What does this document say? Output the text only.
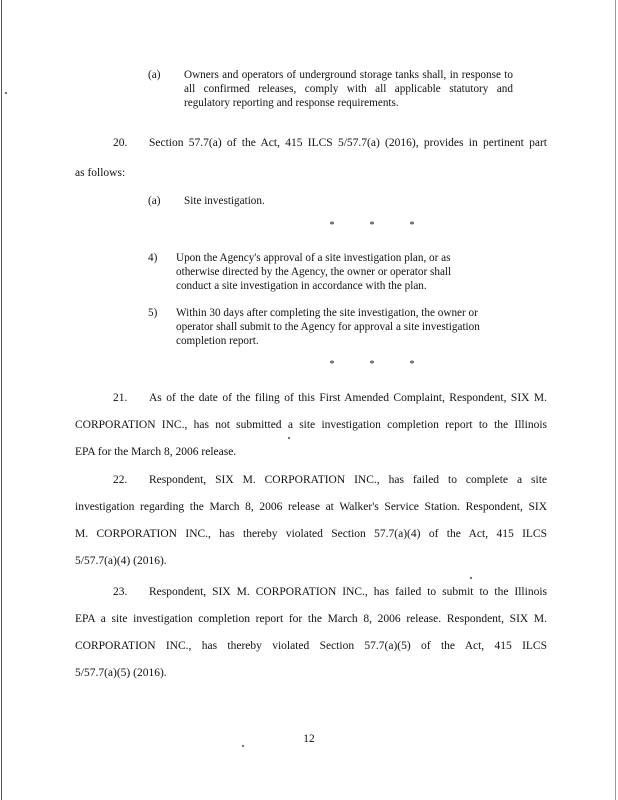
(a) Owners and operators of underground storage tanks shall, in response to all confirmed releases, comply with all applicable statutory and regulatory reporting and response requirements.
20. Section 57.7(a) of the Act, 415 ILCS 5/57.7(a) (2016), provides in pertinent part
as follows:
(a) Site investigation.
*	*	*
4) Upon the Agency's approval of a site investigation plan, or as otherwise directed by the Agency, the owner or operator shall conduct a site investigation in accordance with the plan.
5) Within 30 days after completing the site investigation, the owner or operator shall submit to the Agency for approval a site investigation completion report.
*	*	*
21. As of the date of the filing of this First Amended Complaint, Respondent, SIX M.
CORPORATION INC., has not submitted a site investigation completion report to the Illinois
EPA for the March 8, 2006 release.
22. Respondent, SIX M. CORPORATION INC., has failed to complete a site
investigation regarding the March 8, 2006 release at Walker's Service Station. Respondent, SIX
M. CORPORATION INC., has thereby violated Section 57.7(a)(4) of the Act, 415 ILCS
5/57.7(a)(4) (2016).
23. Respondent, SIX M. CORPORATION INC., has failed to submit to the Illinois
EPA a site investigation completion report for the March 8, 2006 release. Respondent, SIX M.
CORPORATION INC., has thereby violated Section 57.7(a)(5) of the Act, 415 ILCS
5/57.7(a)(5) (2016).
12
